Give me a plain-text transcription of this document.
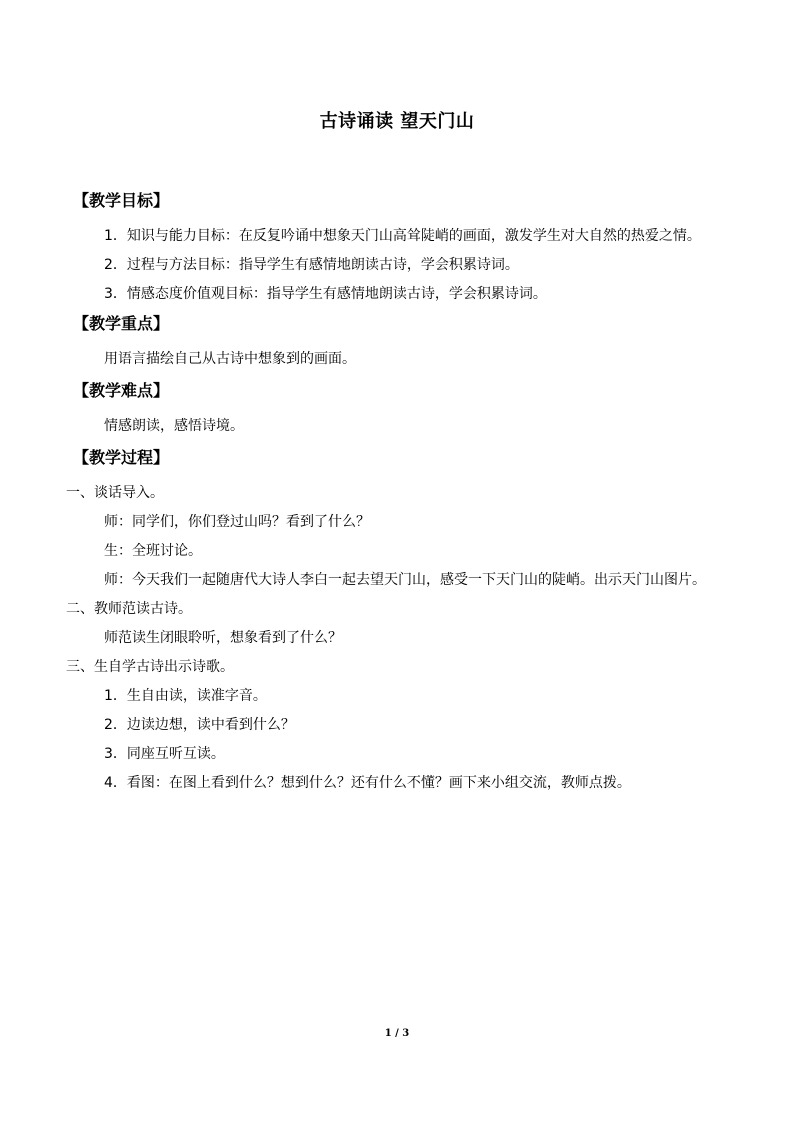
古诗诵读 望天门山
【教学目标】
1．知识与能力目标：在反复吟诵中想象天门山高耸陡峭的画面，激发学生对大自然的热爱之情。
2．过程与方法目标：指导学生有感情地朗读古诗，学会积累诗词。
3．情感态度价值观目标：指导学生有感情地朗读古诗，学会积累诗词。
【教学重点】
用语言描绘自己从古诗中想象到的画面。
【教学难点】
情感朗读，感悟诗境。
【教学过程】
一、谈话导入。
师：同学们，你们登过山吗？看到了什么？
生：全班讨论。
师：今天我们一起随唐代大诗人李白一起去望天门山，感受一下天门山的陡峭。出示天门山图片。
二、教师范读古诗。
师范读生闭眼聆听，想象看到了什么？
三、生自学古诗出示诗歌。
1．生自由读，读准字音。
2．边读边想，读中看到什么？
3．同座互听互读。
4．看图：在图上看到什么？想到什么？还有什么不懂？画下来小组交流，教师点拨。
1 / 3
